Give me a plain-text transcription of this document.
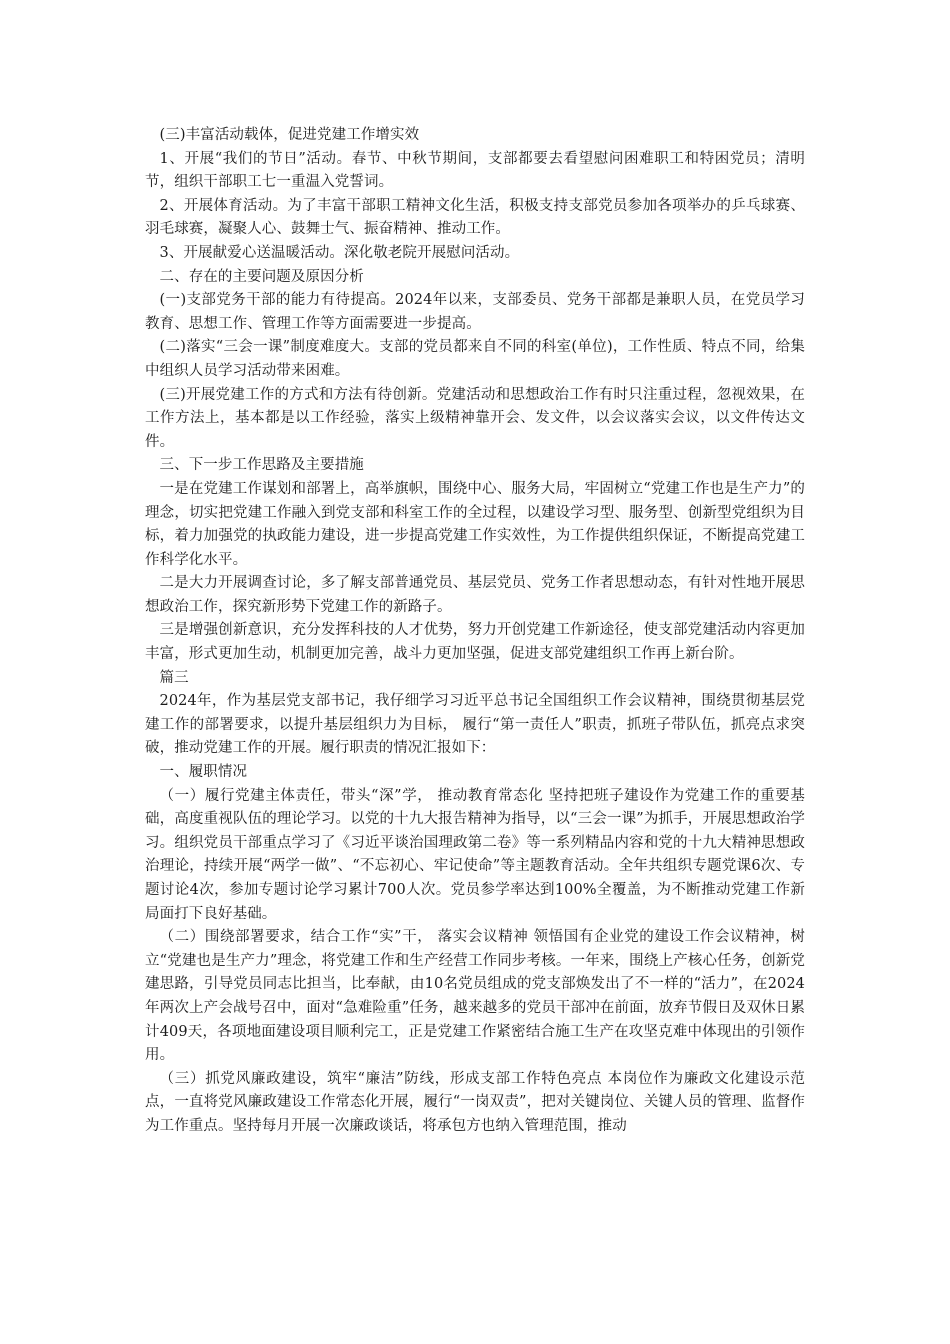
(三)丰富活动载体，促进党建工作增实效

1、开展“我们的节日”活动。春节、中秋节期间，支部都要去看望慰问困难职工和特困党员；清明节，组织干部职工七一重温入党誓词。

2、开展体育活动。为了丰富干部职工精神文化生活，积极支持支部党员参加各项举办的乒乓球赛、羽毛球赛，凝聚人心、鼓舞士气、振奋精神、推动工作。

3、开展献爱心送温暖活动。深化敬老院开展慰问活动。

二、存在的主要问题及原因分析

(一)支部党务干部的能力有待提高。2024年以来，支部委员、党务干部都是兼职人员，在党员学习教育、思想工作、管理工作等方面需要进一步提高。

(二)落实“三会一课”制度难度大。支部的党员都来自不同的科室(单位)，工作性质、特点不同，给集中组织人员学习活动带来困难。

(三)开展党建工作的方式和方法有待创新。党建活动和思想政治工作有时只注重过程，忽视效果，在工作方法上，基本都是以工作经验，落实上级精神靠开会、发文件，以会议落实会议，以文件传达文件。

三、下一步工作思路及主要措施

一是在党建工作谋划和部署上，高举旗帜，围绕中心、服务大局，牢固树立“党建工作也是生产力”的理念，切实把党建工作融入到党支部和科室工作的全过程，以建设学习型、服务型、创新型党组织为目标，着力加强党的执政能力建设，进一步提高党建工作实效性，为工作提供组织保证，不断提高党建工作科学化水平。

二是大力开展调查讨论，多了解支部普通党员、基层党员、党务工作者思想动态，有针对性地开展思想政治工作，探究新形势下党建工作的新路子。

三是增强创新意识，充分发挥科技的人才优势，努力开创党建工作新途径，使支部党建活动内容更加丰富，形式更加生动，机制更加完善，战斗力更加坚强，促进支部党建组织工作再上新台阶。

篇三

2024年，作为基层党支部书记，我仔细学习习近平总书记全国组织工作会议精神，围绕贯彻基层党建工作的部署要求，以提升基层组织力为目标， 履行“第一责任人”职责，抓班子带队伍，抓亮点求突破，推动党建工作的开展。履行职责的情况汇报如下：

一、履职情况

（一）履行党建主体责任，带头“深”学， 推动教育常态化 坚持把班子建设作为党建工作的重要基础，高度重视队伍的理论学习。以党的十九大报告精神为指导，以“三会一课”为抓手，开展思想政治学习。组织党员干部重点学习了《习近平谈治国理政第二卷》等一系列精品内容和党的十九大精神思想政治理论，持续开展“两学一做”、“不忘初心、牢记使命”等主题教育活动。全年共组织专题党课6次、专题讨论4次，参加专题讨论学习累计700人次。党员参学率达到100%全覆盖，为不断推动党建工作新局面打下良好基础。

（二）围绕部署要求，结合工作“实”干， 落实会议精神 领悟国有企业党的建设工作会议精神，树立“党建也是生产力”理念，将党建工作和生产经营工作同步考核。一年来，围绕上产核心任务，创新党建思路，引导党员同志比担当，比奉献，由10名党员组成的党支部焕发出了不一样的“活力”，在2024年两次上产会战号召中，面对“急难险重”任务，越来越多的党员干部冲在前面，放弃节假日及双休日累计409天，各项地面建设项目顺利完工，正是党建工作紧密结合施工生产在攻坚克难中体现出的引领作用。

（三）抓党风廉政建设，筑牢“廉洁”防线，形成支部工作特色亮点 本岗位作为廉政文化建设示范点，一直将党风廉政建设工作常态化开展，履行“一岗双责”，把对关键岗位、关键人员的管理、监督作为工作重点。坚持每月开展一次廉政谈话，将承包方也纳入管理范围，推动
